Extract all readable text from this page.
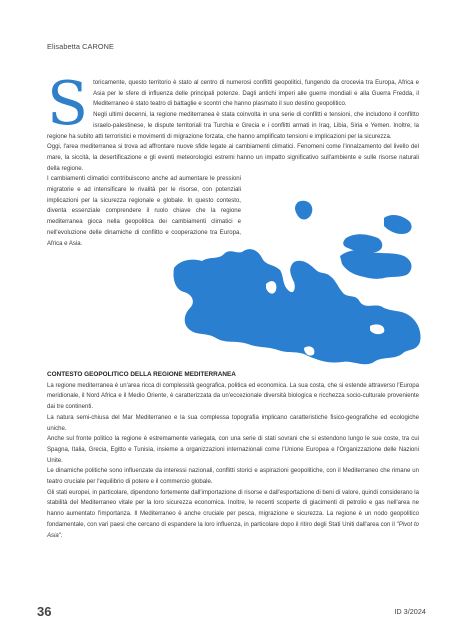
Elisabetta CARONE

Storicamente, questo territorio è stato al centro di numerosi conflitti geopolitici, fungendo da crocevia tra Europa, Africa e Asia per le sfere di influenza delle principali potenze. Dagli antichi imperi alle guerre mondiali e alla Guerra Fredda, il Mediterraneo è stato teatro di battaglie e scontri che hanno plasmato il suo destino geopolitico.

Negli ultimi decenni, la regione mediterranea è stata coinvolta in una serie di conflitti e tensioni, che includono il conflitto israelo-palestinese, le dispute territoriali tra Turchia e Grecia e i conflitti armati in Iraq, Libia, Siria e Yemen. Inoltre, la regione ha subito atti terroristici e movimenti di migrazione forzata, che hanno amplificato tensioni e implicazioni per la sicurezza.

Oggi, l'area mediterranea si trova ad affrontare nuove sfide legate ai cambiamenti climatici. Fenomeni come l'innalzamento del livello del mare, la siccità, la desertificazione e gli eventi meteorologici estremi hanno un impatto significativo sull'ambiente e sulle risorse naturali della regione.

I cambiamenti climatici contribuiscono anche ad aumentare le pressioni migratorie e ad intensificare le rivalità per le risorse, con potenziali implicazioni per la sicurezza regionale e globale. In questo contesto, diventa essenziale comprendere il ruolo chiave che la regione mediterranea gioca nella geopolitica dei cambiamenti climatici e nell'evoluzione delle dinamiche di conflitto e cooperazione tra Europa, Africa e Asia.

CONTESTO GEOPOLITICO DELLA REGIONE MEDITERRANEA

La regione mediterranea è un'area ricca di complessità geografica, politica ed economica. La sua costa, che si estende attraverso l'Europa meridionale, il Nord Africa e il Medio Oriente, è caratterizzata da un'eccezionale diversità biologica e ricchezza socio-culturale proveniente dai tre continenti.

La natura semi-chiusa del Mar Mediterraneo e la sua complessa topografia implicano caratteristiche fisico-geografiche ed ecologiche uniche.

Anche sul fronte politico la regione è estremamente variegata, con una serie di stati sovrani che si estendono lungo le sue coste, tra cui Spagna, Italia, Grecia, Egitto e Tunisia, insieme a organizzazioni internazionali come l'Unione Europea e l'Organizzazione delle Nazioni Unite.

Le dinamiche politiche sono influenzate da interessi nazionali, conflitti storici e aspirazioni geopolitiche, con il Mediterraneo che rimane un teatro cruciale per l'equilibrio di potere e il commercio globale.

Gli stati europei, in particolare, dipendono fortemente dall'importazione di risorse e dall'esportazione di beni di valore, quindi considerano la stabilità del Mediterraneo vitale per la loro sicurezza economica. Inoltre, le recenti scoperte di giacimenti di petrolio e gas nell'area ne hanno aumentato l'importanza. Il Mediterraneo è anche cruciale per pesca, migrazione e sicurezza. La regione è un nodo geopolitico fondamentale, con vari paesi che cercano di espandere la loro influenza, in particolare dopo il ritiro degli Stati Uniti dall'area con il "Pivot to Asia".

36	ID 3/2024
